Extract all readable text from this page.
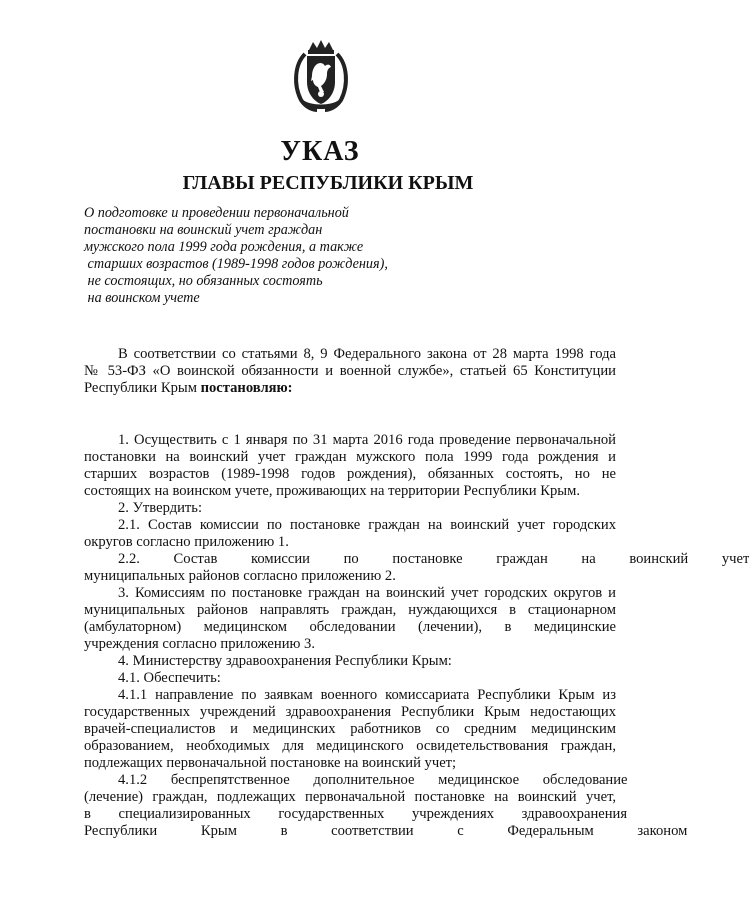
УКАЗ
ГЛАВЫ РЕСПУБЛИКИ КРЫМ
О подготовке и проведении первоначальной
постановки на воинский учет граждан
мужского пола 1999 года рождения, а также
старших возрастов (1989-1998 годов рождения),
не состоящих, но обязанных состоять
на воинском учете
В соответствии со статьями 8, 9 Федерального закона от 28 марта 1998 года
№ 53-ФЗ «О воинской обязанности и военной службе», статьей 65 Конституции
Республики Крым постановляю:
1. Осуществить с 1 января по 31 марта 2016 года проведение первоначальной
постановки на воинский учет граждан мужского пола 1999 года рождения и
старших возрастов (1989-1998 годов рождения), обязанных состоять, но не
состоящих на воинском учете, проживающих на территории Республики Крым.
2. Утвердить:
2.1. Состав комиссии по постановке граждан на воинский учет городских
округов согласно приложению 1.
2.2. Состав комиссии по постановке граждан на воинский учет
муниципальных районов согласно приложению 2.
3. Комиссиям по постановке граждан на воинский учет городских округов и
муниципальных районов направлять граждан, нуждающихся в стационарном
(амбулаторном) медицинском обследовании (лечении), в медицинские
учреждения согласно приложению 3.
4. Министерству здравоохранения Республики Крым:
4.1. Обеспечить:
4.1.1 направление по заявкам военного комиссариата Республики Крым из
государственных учреждений здравоохранения Республики Крым недостающих
врачей-специалистов и медицинских работников со средним медицинским
образованием, необходимых для медицинского освидетельствования граждан,
подлежащих первоначальной постановке на воинский учет;
4.1.2 беспрепятственное дополнительное медицинское обследование
(лечение) граждан, подлежащих первоначальной постановке на воинский учет,
в специализированных государственных учреждениях здравоохранения
Республики Крым в соответствии с Федеральным законом
